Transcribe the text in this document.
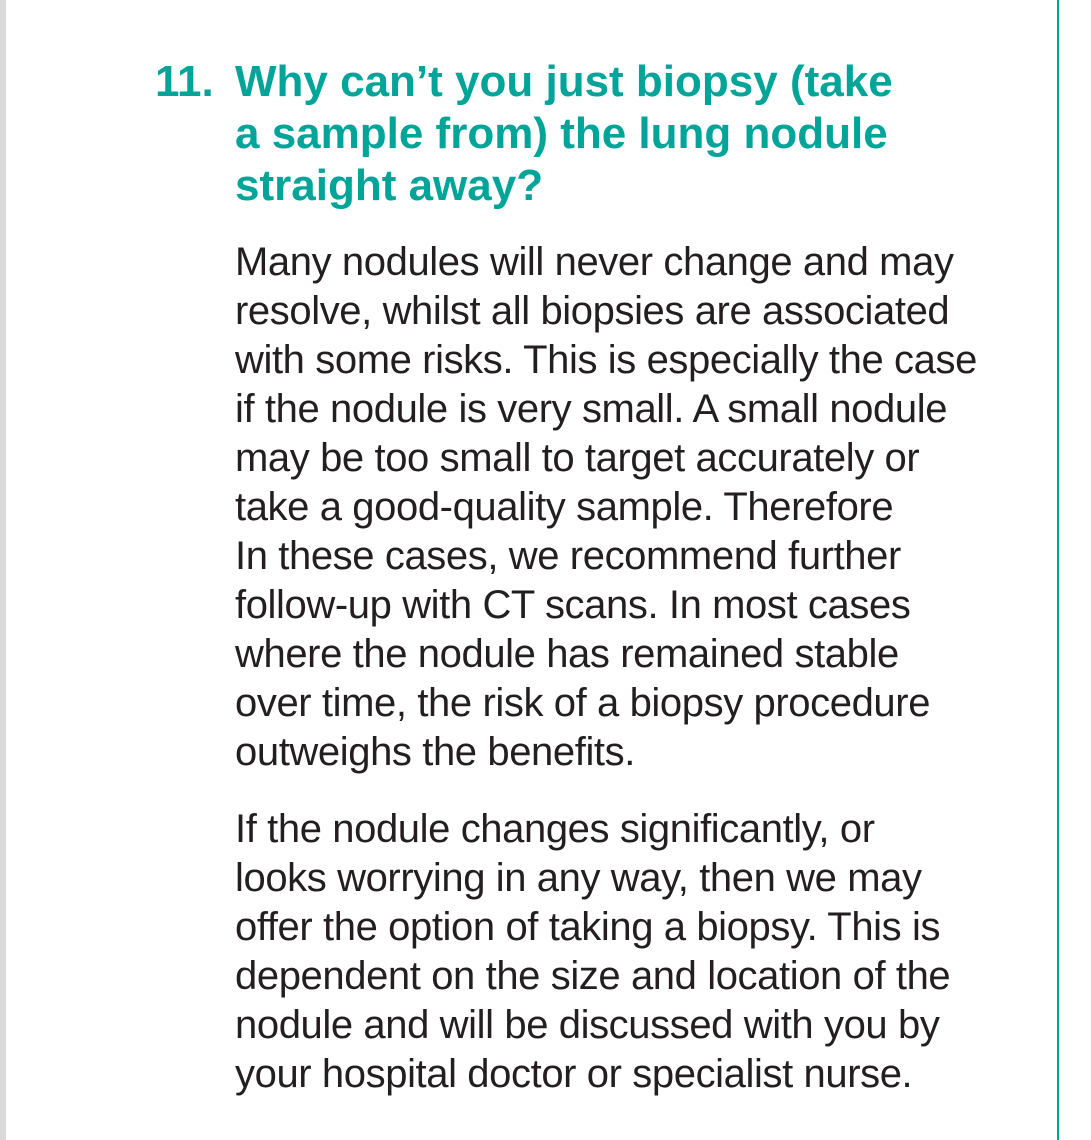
11. Why can’t you just biopsy (take
a sample from) the lung nodule
straight away?
Many nodules will never change and may
resolve, whilst all biopsies are associated
with some risks. This is especially the case
if the nodule is very small. A small nodule
may be too small to target accurately or
take a good-quality sample. Therefore
In these cases, we recommend further
follow-up with CT scans. In most cases
where the nodule has remained stable
over time, the risk of a biopsy procedure
outweighs the benefits.
If the nodule changes significantly, or
looks worrying in any way, then we may
offer the option of taking a biopsy. This is
dependent on the size and location of the
nodule and will be discussed with you by
your hospital doctor or specialist nurse.
